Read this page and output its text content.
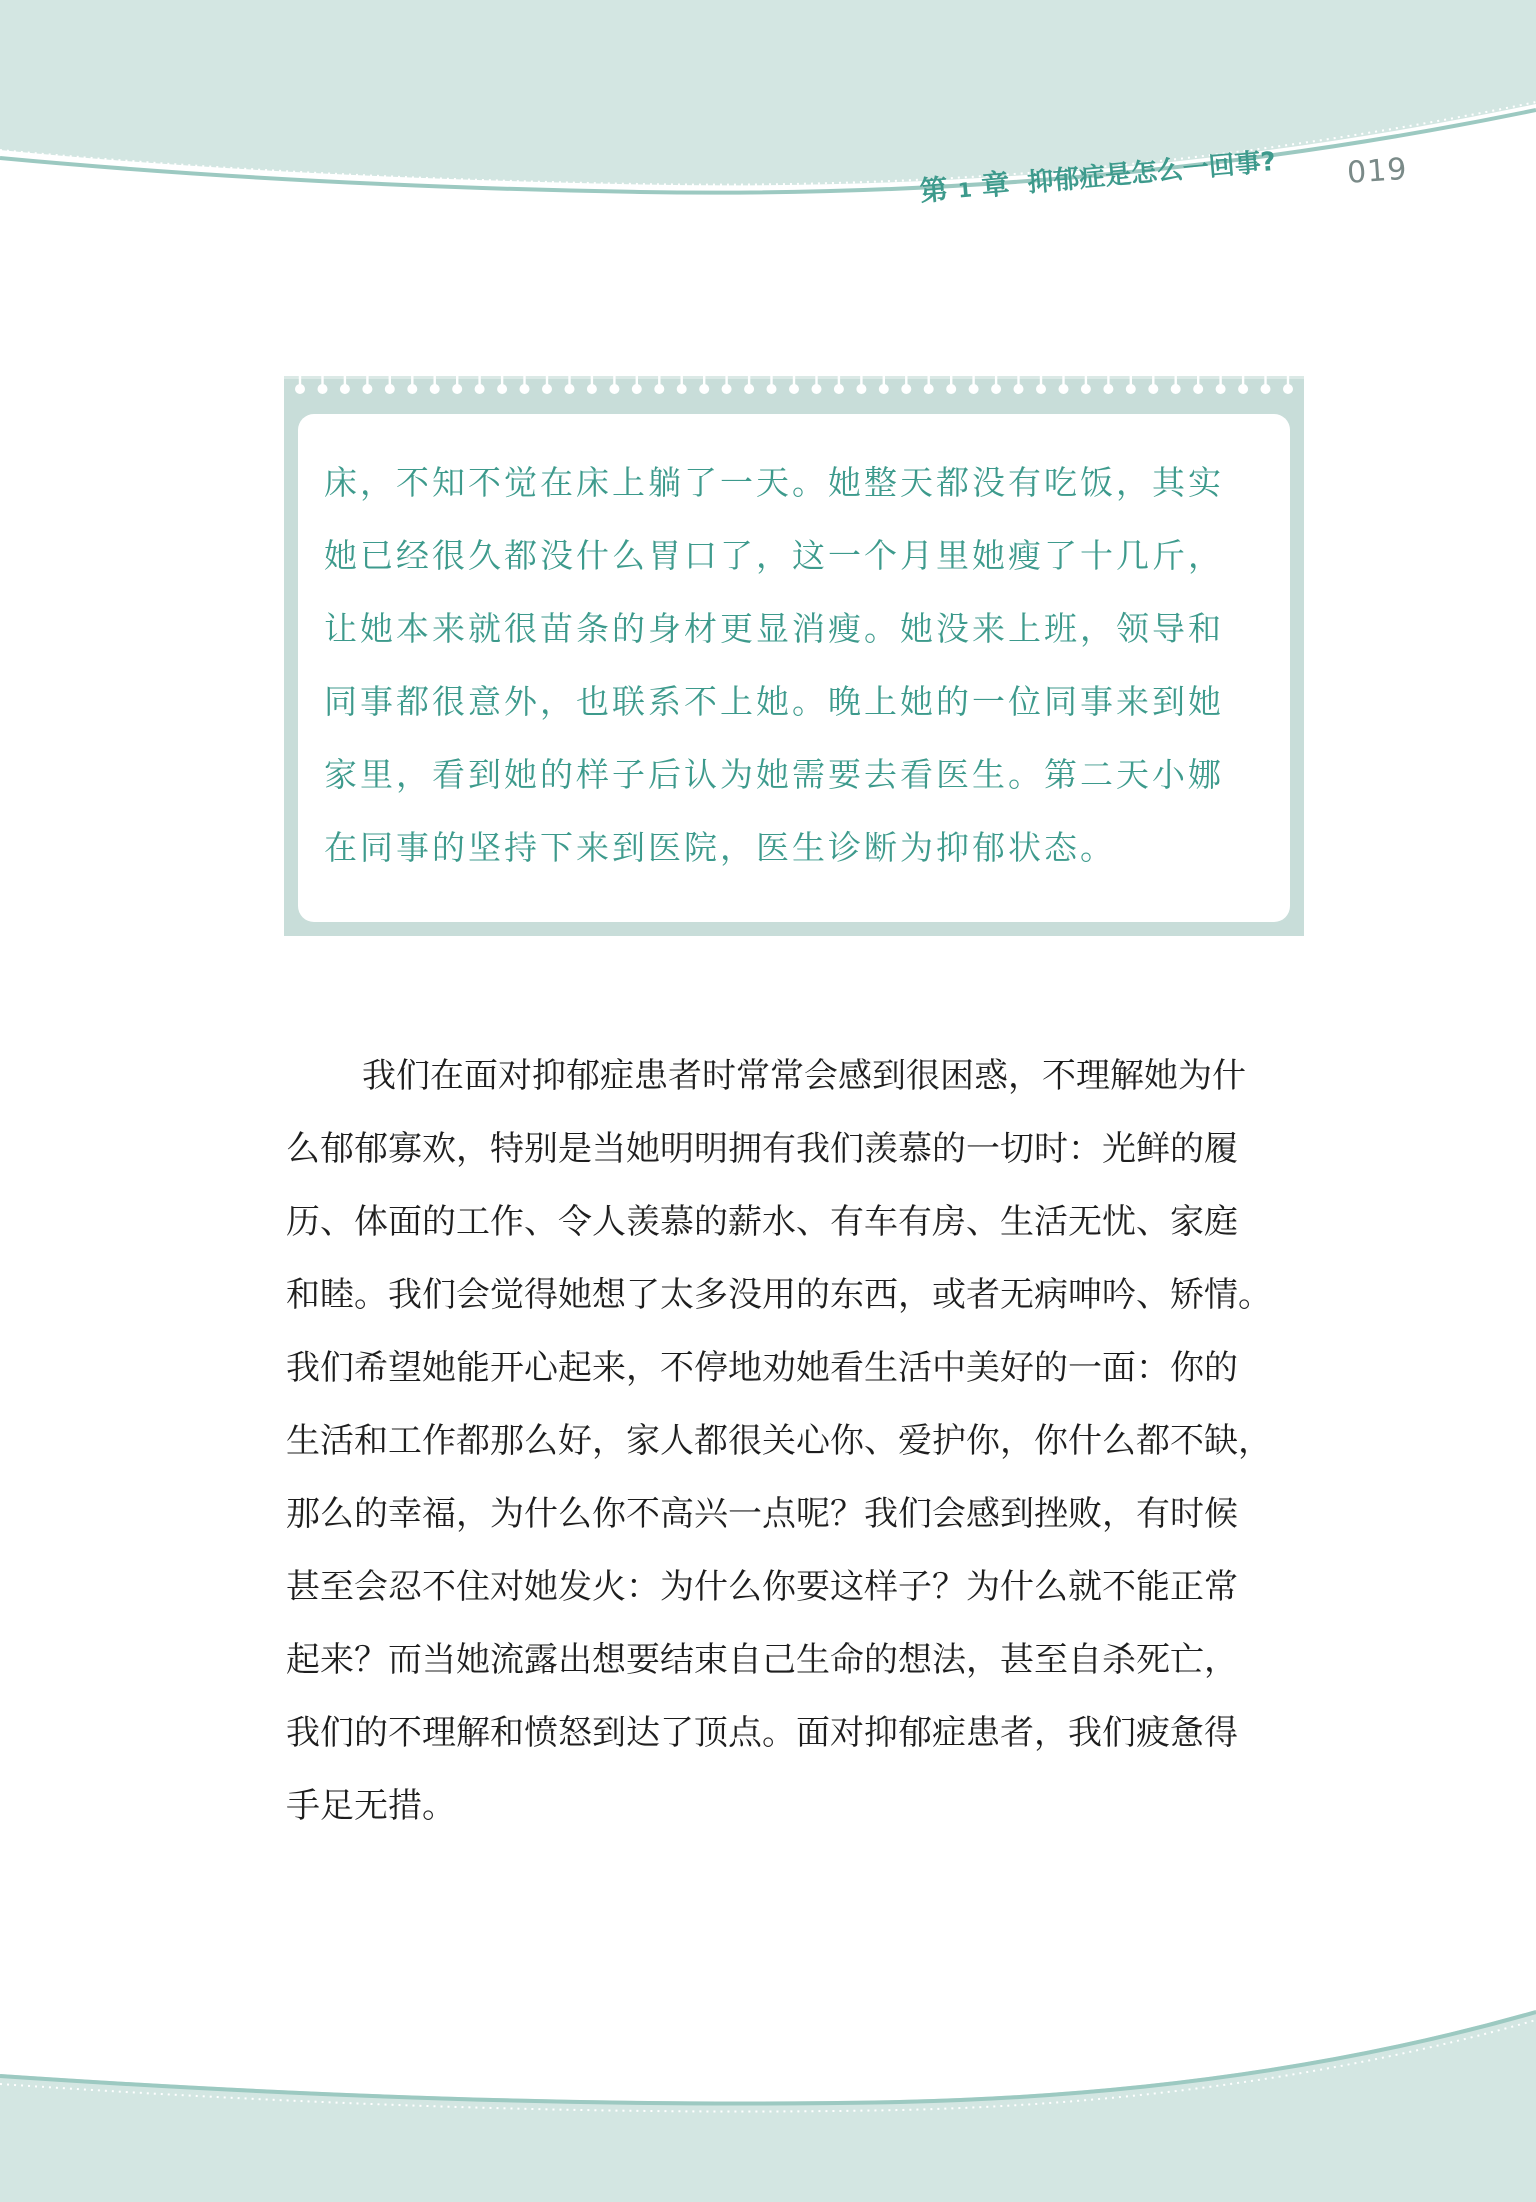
第 1 章 抑郁症是怎么一回事? 019
床，不知不觉在床上躺了一天。她整天都没有吃饭，其实
她已经很久都没什么胃口了，这一个月里她瘦了十几斤，
让她本来就很苗条的身材更显消瘦。她没来上班，领导和
同事都很意外，也联系不上她。晚上她的一位同事来到她
家里，看到她的样子后认为她需要去看医生。第二天小娜
在同事的坚持下来到医院，医生诊断为抑郁状态。
我们在面对抑郁症患者时常常会感到很困惑，不理解她为什
么郁郁寡欢，特别是当她明明拥有我们羡慕的一切时：光鲜的履
历、体面的工作、令人羡慕的薪水、有车有房、生活无忧、家庭
和睦。我们会觉得她想了太多没用的东西，或者无病呻吟、矫情。
我们希望她能开心起来，不停地劝她看生活中美好的一面：你的
生活和工作都那么好，家人都很关心你、爱护你，你什么都不缺，
那么的幸福，为什么你不高兴一点呢？我们会感到挫败，有时候
甚至会忍不住对她发火：为什么你要这样子？为什么就不能正常
起来？而当她流露出想要结束自己生命的想法，甚至自杀死亡，
我们的不理解和愤怒到达了顶点。面对抑郁症患者，我们疲惫得
手足无措。
